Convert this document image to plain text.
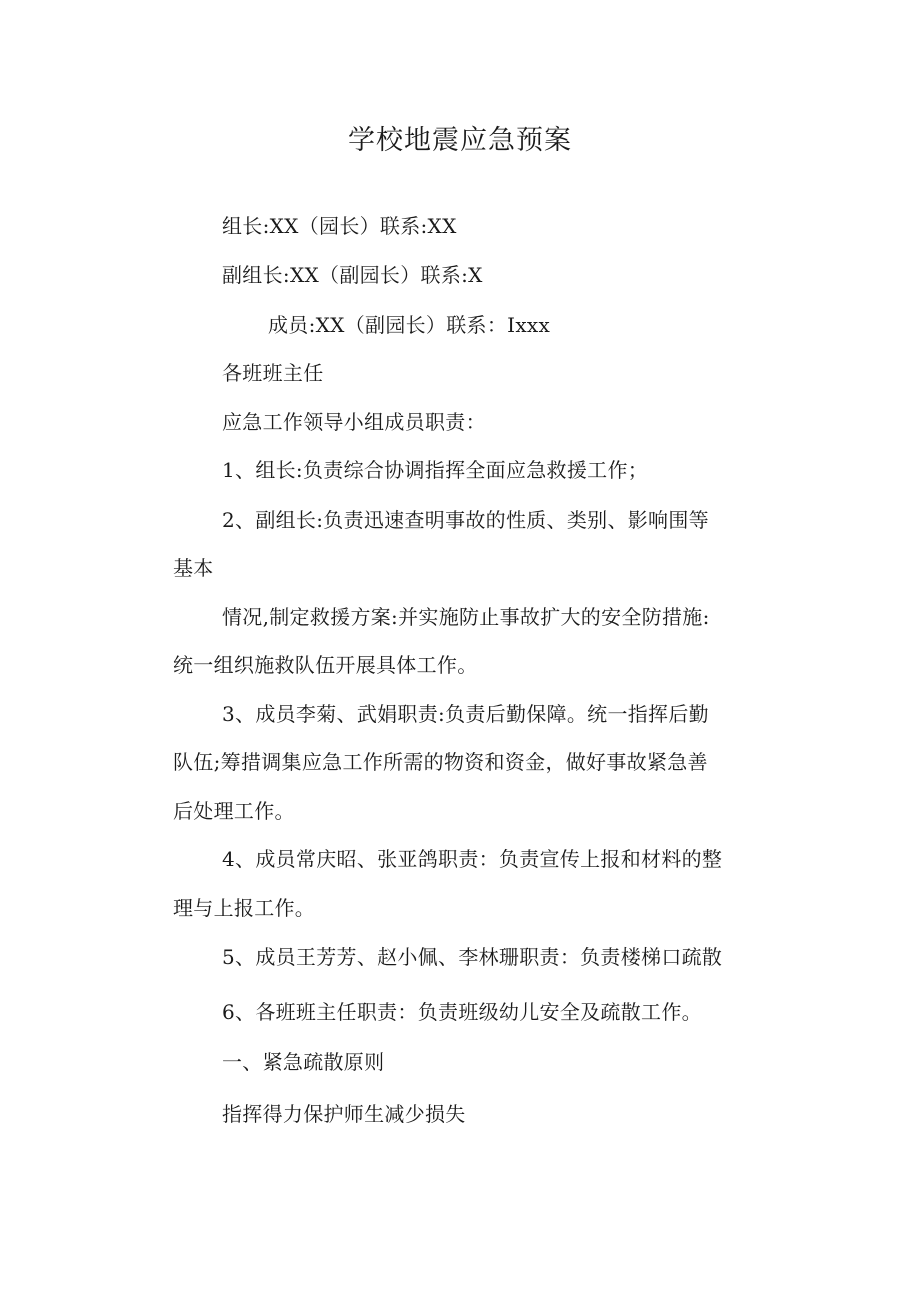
学校地震应急预案

组长:XX（园长）联系:XX

副组长:XX（副园长）联系:X

成员:XX（副园长）联系：Ixxx

各班班主任

应急工作领导小组成员职责：

1、组长:负责综合协调指挥全面应急救援工作；

2、副组长:负责迅速查明事故的性质、类别、影响围等

基本

情况,制定救援方案:并实施防止事故扩大的安全防措施:

统一组织施救队伍开展具体工作。

3、成员李菊、武娟职责:负责后勤保障。统一指挥后勤

队伍;筹措调集应急工作所需的物资和资金，做好事故紧急善

后处理工作。

4、成员常庆昭、张亚鸽职责：负责宣传上报和材料的整

理与上报工作。

5、成员王芳芳、赵小佩、李林珊职责：负责楼梯口疏散

6、各班班主任职责：负责班级幼儿安全及疏散工作。

一、紧急疏散原则

指挥得力保护师生减少损失
